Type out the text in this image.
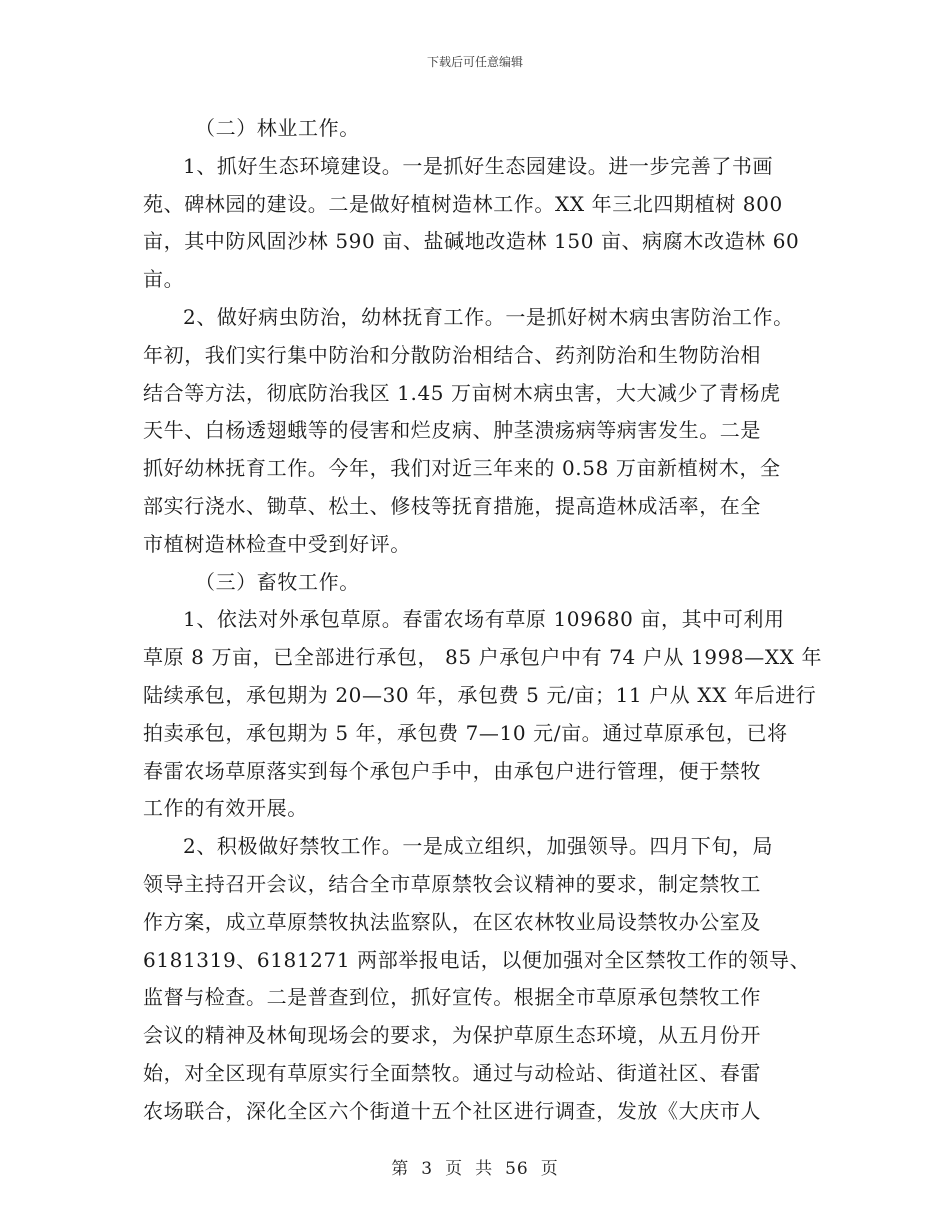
下载后可任意编辑
（二）林业工作。
1、抓好生态环境建设。一是抓好生态园建设。进一步完善了书画
苑、碑林园的建设。二是做好植树造林工作。XX 年三北四期植树 800
亩，其中防风固沙林 590 亩、盐碱地改造林 150 亩、病腐木改造林 60
亩。
2、做好病虫防治，幼林抚育工作。一是抓好树木病虫害防治工作。
年初，我们实行集中防治和分散防治相结合、药剂防治和生物防治相
结合等方法，彻底防治我区 1.45 万亩树木病虫害，大大减少了青杨虎
天牛、白杨透翅蛾等的侵害和烂皮病、肿茎溃疡病等病害发生。二是
抓好幼林抚育工作。今年，我们对近三年来的 0.58 万亩新植树木，全
部实行浇水、锄草、松土、修枝等抚育措施，提高造林成活率，在全
市植树造林检查中受到好评。
（三）畜牧工作。
1、依法对外承包草原。春雷农场有草原 109680 亩，其中可利用
草原 8 万亩，已全部进行承包， 85 户承包户中有 74 户从 1998—XX 年
陆续承包，承包期为 20—30 年，承包费 5 元/亩；11 户从 XX 年后进行
拍卖承包，承包期为 5 年，承包费 7—10 元/亩。通过草原承包，已将
春雷农场草原落实到每个承包户手中，由承包户进行管理，便于禁牧
工作的有效开展。
2、积极做好禁牧工作。一是成立组织，加强领导。四月下旬，局
领导主持召开会议，结合全市草原禁牧会议精神的要求，制定禁牧工
作方案，成立草原禁牧执法监察队，在区农林牧业局设禁牧办公室及
6181319、6181271 两部举报电话，以便加强对全区禁牧工作的领导、
监督与检查。二是普查到位，抓好宣传。根据全市草原承包禁牧工作
会议的精神及林甸现场会的要求，为保护草原生态环境，从五月份开
始，对全区现有草原实行全面禁牧。通过与动检站、街道社区、春雷
农场联合，深化全区六个街道十五个社区进行调查，发放《大庆市人
第 3 页 共 56 页
